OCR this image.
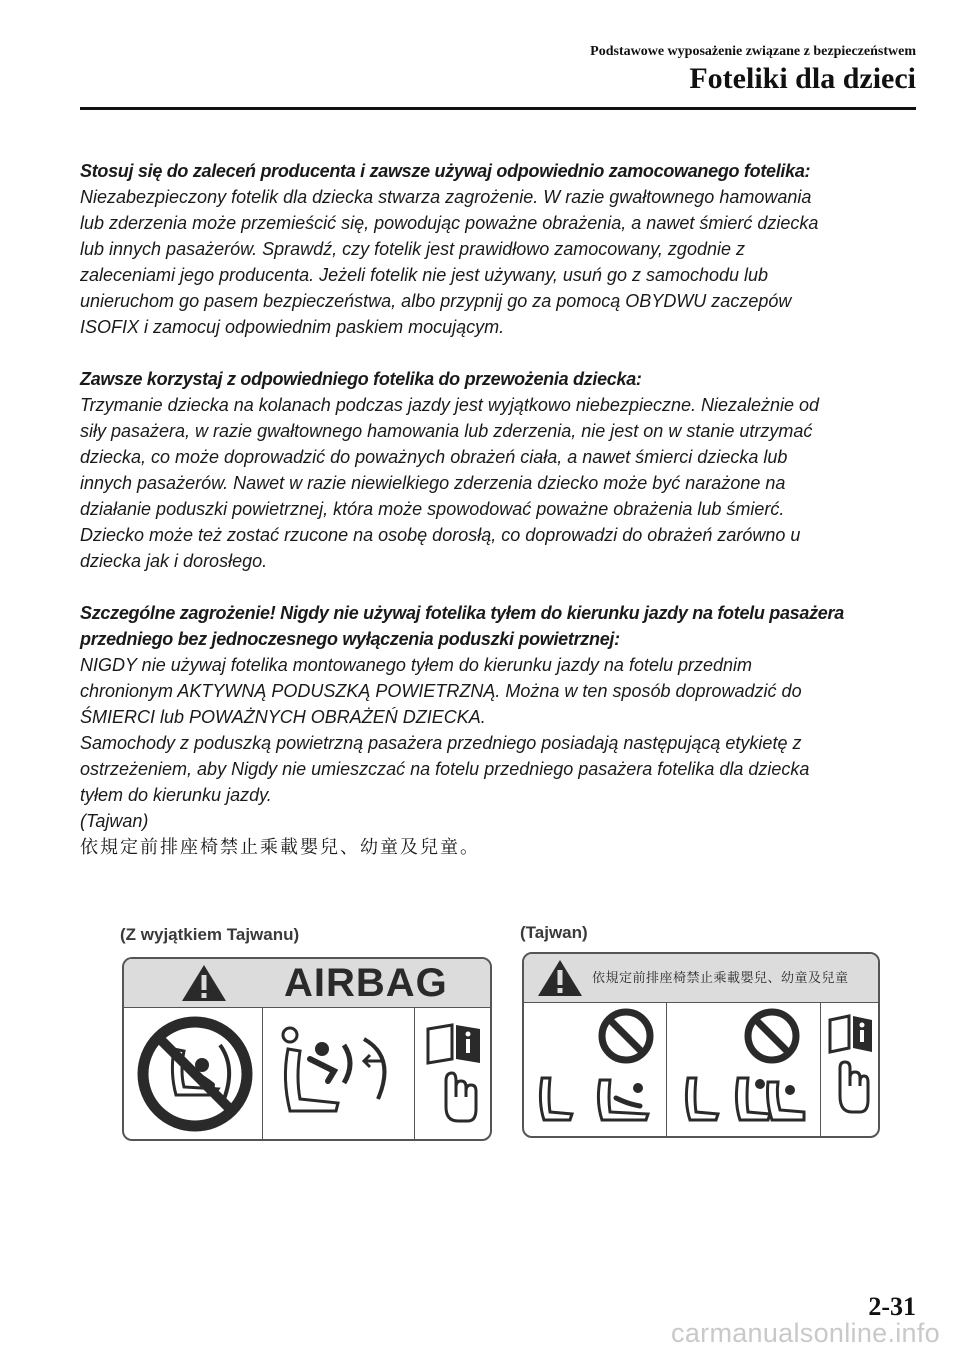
Podstawowe wyposażenie związane z bezpieczeństwem
Foteliki dla dzieci

Stosuj się do zaleceń producenta i zawsze używaj odpowiednio zamocowanego fotelika:

Niezabezpieczony fotelik dla dziecka stwarza zagrożenie. W razie gwałtownego hamowania

lub zderzenia może przemieścić się, powodując poważne obrażenia, a nawet śmierć dziecka

lub innych pasażerów. Sprawdź, czy fotelik jest prawidłowo zamocowany, zgodnie z

zaleceniami jego producenta. Jeżeli fotelik nie jest używany, usuń go z samochodu lub

unieruchom go pasem bezpieczeństwa, albo przypnij go za pomocą OBYDWU zaczepów

ISOFIX i zamocuj odpowiednim paskiem mocującym.

Zawsze korzystaj z odpowiedniego fotelika do przewożenia dziecka:

Trzymanie dziecka na kolanach podczas jazdy jest wyjątkowo niebezpieczne. Niezależnie od

siły pasażera, w razie gwałtownego hamowania lub zderzenia, nie jest on w stanie utrzymać

dziecka, co może doprowadzić do poważnych obrażeń ciała, a nawet śmierci dziecka lub

innych pasażerów. Nawet w razie niewielkiego zderzenia dziecko może być narażone na

działanie poduszki powietrznej, która może spowodować poważne obrażenia lub śmierć.

Dziecko może też zostać rzucone na osobę dorosłą, co doprowadzi do obrażeń zarówno u

dziecka jak i dorosłego.

Szczególne zagrożenie! Nigdy nie używaj fotelika tyłem do kierunku jazdy na fotelu pasażera

przedniego bez jednoczesnego wyłączenia poduszki powietrznej:

NIGDY nie używaj fotelika montowanego tyłem do kierunku jazdy na fotelu przednim

chronionym AKTYWNĄ PODUSZKĄ POWIETRZNĄ. Można w ten sposób doprowadzić do

ŚMIERCI lub POWAŻNYCH OBRAŻEŃ DZIECKA.

Samochody z poduszką powietrzną pasażera przedniego posiadają następującą etykietę z

ostrzeżeniem, aby Nigdy nie umieszczać na fotelu przedniego pasażera fotelika dla dziecka

tyłem do kierunku jazdy.

(Tajwan)

依規定前排座椅禁止乘載嬰兒、幼童及兒童。

(Z wyjątkiem Tajwanu)	(Tajwan)
AIRBAG	依規定前排座椅禁止乘載嬰兒、幼童及兒童
2-31
carmanualsonline.info
